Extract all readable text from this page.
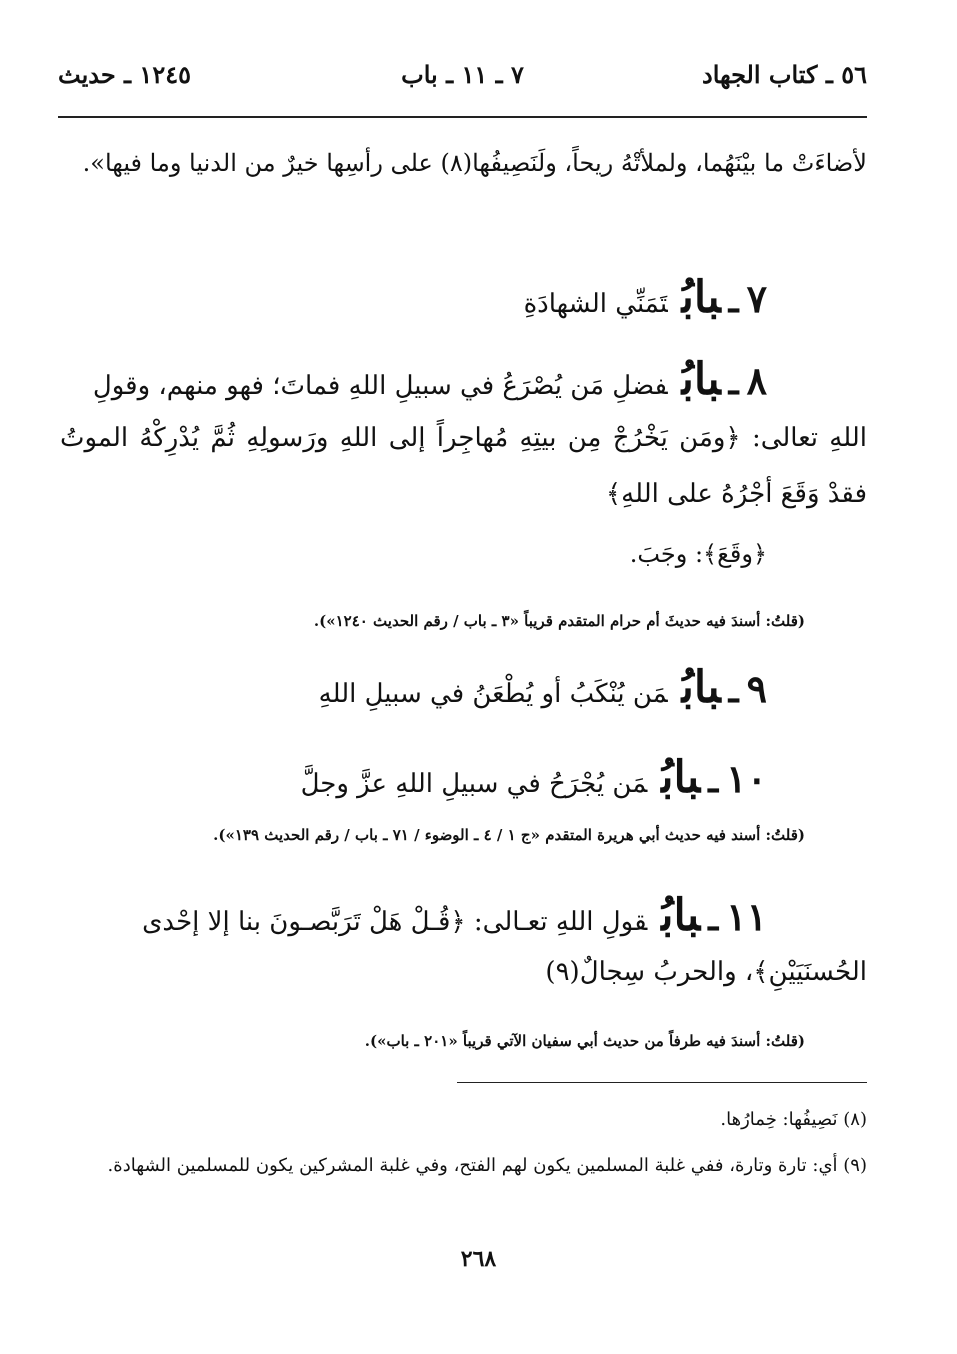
٥٦ ـ كتاب الجهاد
٧ ـ ١١ ـ باب
١٢٤٥ ـ حديث
لأضاءَتْ ما بيْنَهُما، ولملأتْهُ ريحاً، ولَنَصِيفُها(٨) على رأسِها خيرٌ من الدنيا وما فيها».
٧ـبابُتَمَنِّي الشهادَةِ
٨ـبابُفضلِ مَن يُصْرَعُ في سبيلِ اللهِ فماتَ؛ فهو منهم، وقولِ
اللهِ تعالى: ﴿ومَن يَخْرُجْ مِن بيتِهِ مُهاجِراً إلى اللهِ ورَسولِهِ ثُمَّ يُدْرِكْهُ الموتُ فقدْ وَقَعَ أجْرُهُ على اللهِ﴾
﴿وقَعَ﴾: وجَبَ.
(قلتُ: أسندَ فيه حديثَ أم حرام المتقدم قريباً «٣ ـ باب / رقم الحديث ١٢٤٠»).
٩ـبابُمَن يُنْكَبُ أو يُطْعَنُ في سبيلِ اللهِ
١٠ـبابُمَن يُجْرَحُ في سبيلِ اللهِ عزَّ وجلَّ
(قلتُ: أسند فيه حديث أبي هريرة المتقدم «ج ١ / ٤ ـ الوضوء / ٧١ ـ باب / رقم الحديث ١٣٩»).
١١ـبابُقولِ اللهِ تعـالى: ﴿قُـلْ هَلْ تَرَبَّصـونَ بنا إلا إحْدى
الحُسنَيَيْنِ﴾، والحربُ سِجالٌ(٩)
(قلتُ: أسندَ فيه طرفاً من حديث أبي سفيان الآتي قريباً «٢٠١ ـ باب»).
(٨) نَصِيفُها: خِمارُها.
(٩) أي: تارة وتارة، ففي غلبة المسلمين يكون لهم الفتح، وفي غلبة المشركين يكون للمسلمين الشهادة.
٢٦٨
